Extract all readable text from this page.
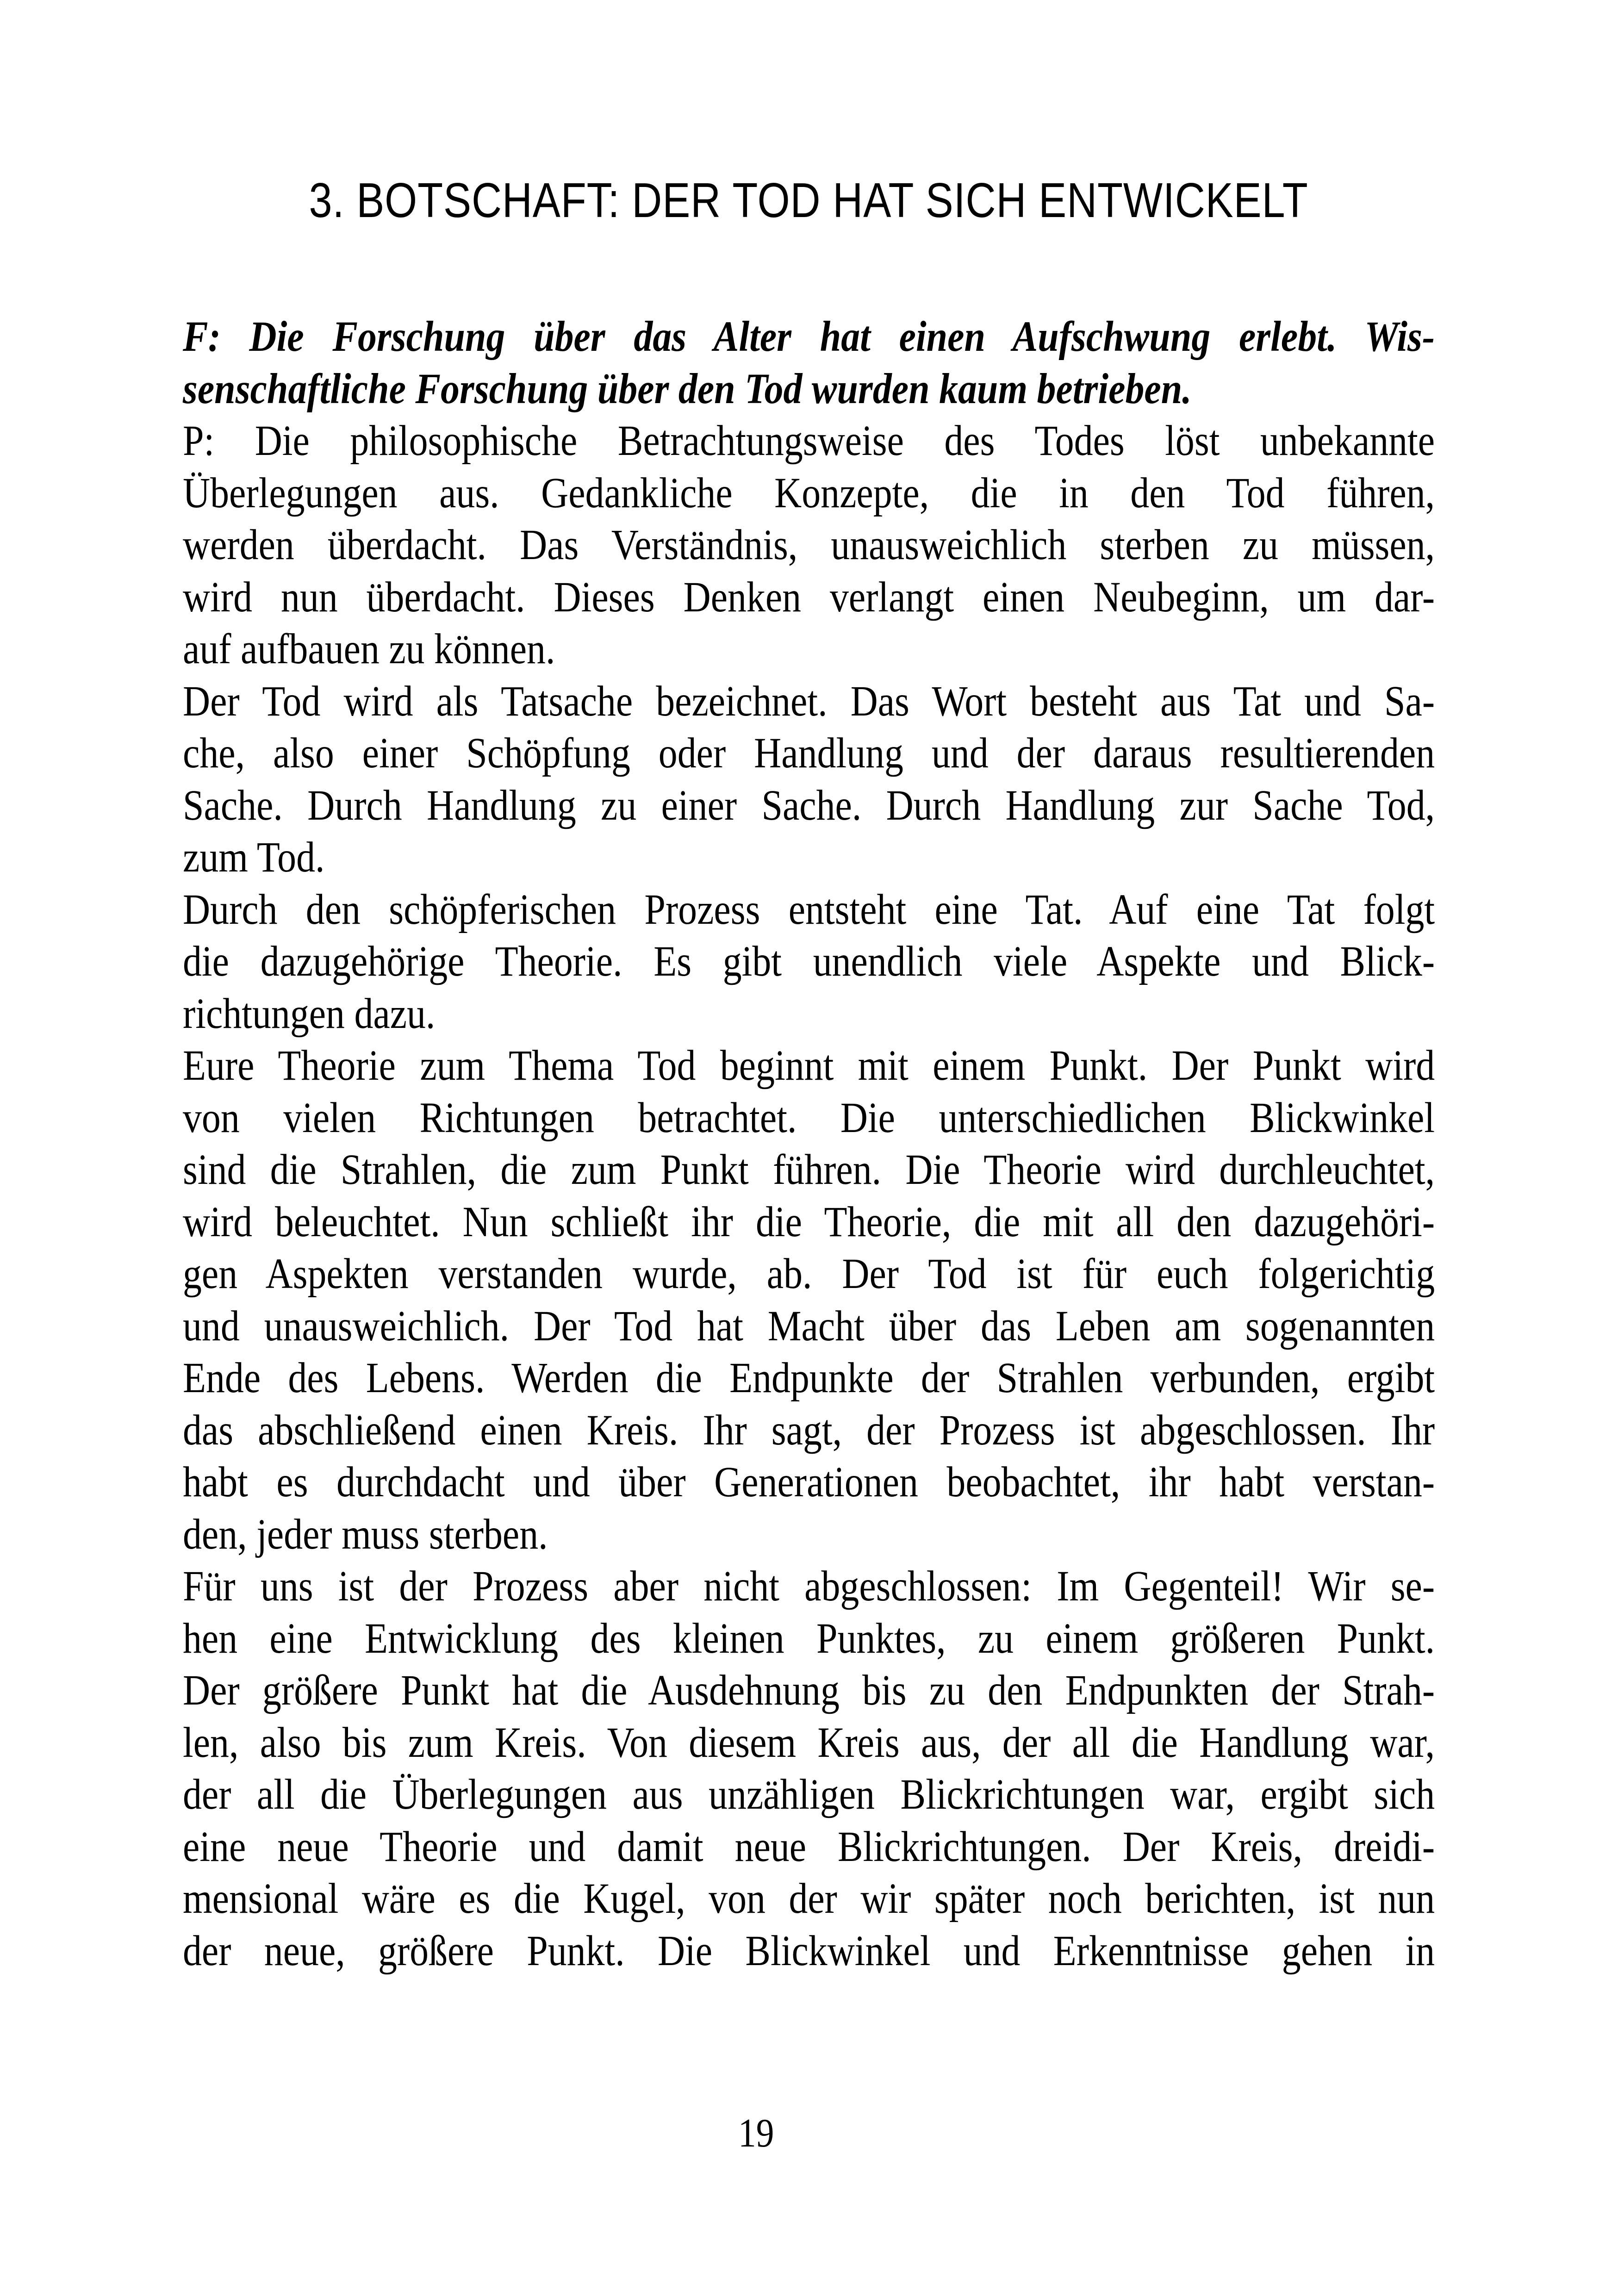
3. BOTSCHAFT: DER TOD HAT SICH ENTWICKELT
F: Die Forschung über das Alter hat einen Aufschwung erlebt. Wis-
senschaftliche Forschung über den Tod wurden kaum betrieben.
P: Die philosophische Betrachtungsweise des Todes löst unbekannte
Überlegungen aus. Gedankliche Konzepte, die in den Tod führen,
werden überdacht. Das Verständnis, unausweichlich sterben zu müssen,
wird nun überdacht. Dieses Denken verlangt einen Neubeginn, um dar-
auf aufbauen zu können.
Der Tod wird als Tatsache bezeichnet. Das Wort besteht aus Tat und Sa-
che, also einer Schöpfung oder Handlung und der daraus resultierenden
Sache. Durch Handlung zu einer Sache. Durch Handlung zur Sache Tod,
zum Tod.
Durch den schöpferischen Prozess entsteht eine Tat. Auf eine Tat folgt
die dazugehörige Theorie. Es gibt unendlich viele Aspekte und Blick-
richtungen dazu.
Eure Theorie zum Thema Tod beginnt mit einem Punkt. Der Punkt wird
von vielen Richtungen betrachtet. Die unterschiedlichen Blickwinkel
sind die Strahlen, die zum Punkt führen. Die Theorie wird durchleuchtet,
wird beleuchtet. Nun schließt ihr die Theorie, die mit all den dazugehöri-
gen Aspekten verstanden wurde, ab. Der Tod ist für euch folgerichtig
und unausweichlich. Der Tod hat Macht über das Leben am sogenannten
Ende des Lebens. Werden die Endpunkte der Strahlen verbunden, ergibt
das abschließend einen Kreis. Ihr sagt, der Prozess ist abgeschlossen. Ihr
habt es durchdacht und über Generationen beobachtet, ihr habt verstan-
den, jeder muss sterben.
Für uns ist der Prozess aber nicht abgeschlossen: Im Gegenteil! Wir se-
hen eine Entwicklung des kleinen Punktes, zu einem größeren Punkt.
Der größere Punkt hat die Ausdehnung bis zu den Endpunkten der Strah-
len, also bis zum Kreis. Von diesem Kreis aus, der all die Handlung war,
der all die Überlegungen aus unzähligen Blickrichtungen war, ergibt sich
eine neue Theorie und damit neue Blickrichtungen. Der Kreis, dreidi-
mensional wäre es die Kugel, von der wir später noch berichten, ist nun
der neue, größere Punkt. Die Blickwinkel und Erkenntnisse gehen in
19
